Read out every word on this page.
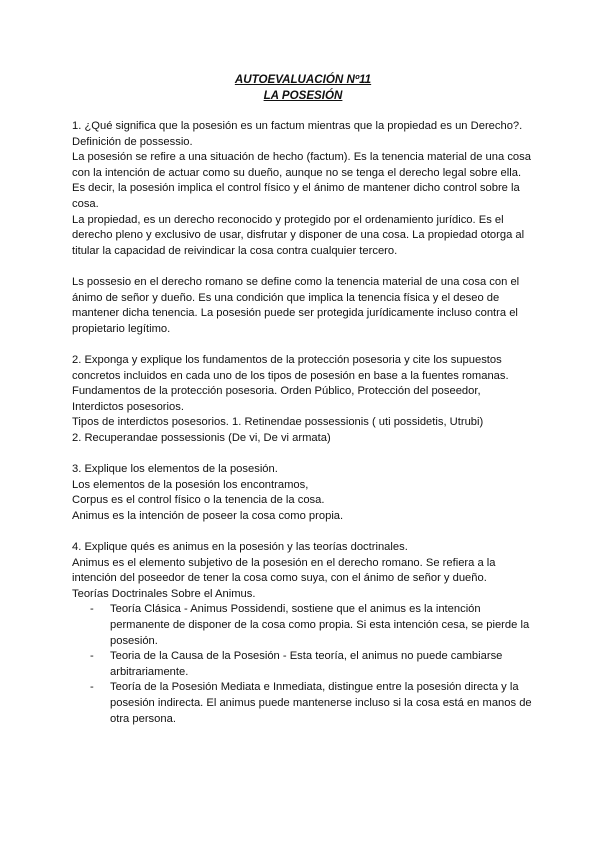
AUTOEVALUACIÓN Nº11
LA POSESIÓN

1. ¿Qué significa que la posesión es un factum mientras que la propiedad es un Derecho?. Definición de possessio.

La posesión se refire a una situación de hecho (factum). Es la tenencia material de una cosa con la intención de actuar como su dueño, aunque no se tenga el derecho legal sobre ella. Es decir, la posesión implica el control físico y el ánimo de mantener dicho control sobre la cosa.

La propiedad, es un derecho reconocido y protegido por el ordenamiento jurídico. Es el derecho pleno y exclusivo de usar, disfrutar y disponer de una cosa. La propiedad otorga al titular la capacidad de reivindicar la cosa contra cualquier tercero.

Ls possesio en el derecho romano se define como la tenencia material de una cosa con el ánimo de señor y dueño. Es una condición que implica la tenencia física y el deseo de mantener dicha tenencia. La posesión puede ser protegida jurídicamente incluso contra el propietario legítimo.

2. Exponga y explique los fundamentos de la protección posesoria y cite los supuestos concretos incluidos en cada uno de los tipos de posesión en base a la fuentes romanas.

Fundamentos de la protección posesoria. Orden Público, Protección del poseedor, Interdictos posesorios.

Tipos de interdictos posesorios. 1. Retinendae possessionis ( uti possidetis, Utrubi)

2. Recuperandae possessionis (De vi, De vi armata)

3. Explique los elementos de la posesión.

Los elementos de la posesión los encontramos,

Corpus es el control físico o la tenencia de la cosa.

Animus es la intención de poseer la cosa como propia.

4. Explique qués es animus en la posesión y las teorías doctrinales.

Animus es el elemento subjetivo de la posesión en el derecho romano. Se refiera a la intención del poseedor de tener la cosa como suya, con el ánimo de señor y dueño.

Teorías Doctrinales Sobre el Animus.

- Teoría Clásica - Animus Possidendi, sostiene que el animus es la intención permanente de disponer de la cosa como propia. Si esta intención cesa, se pierde la posesión.
- Teoria de la Causa de la Posesión - Esta teoría, el animus no puede cambiarse arbitrariamente.
- Teoría de la Posesión Mediata e Inmediata, distingue entre la posesión directa y la posesión indirecta. El animus puede mantenerse incluso si la cosa está en manos de otra persona.
